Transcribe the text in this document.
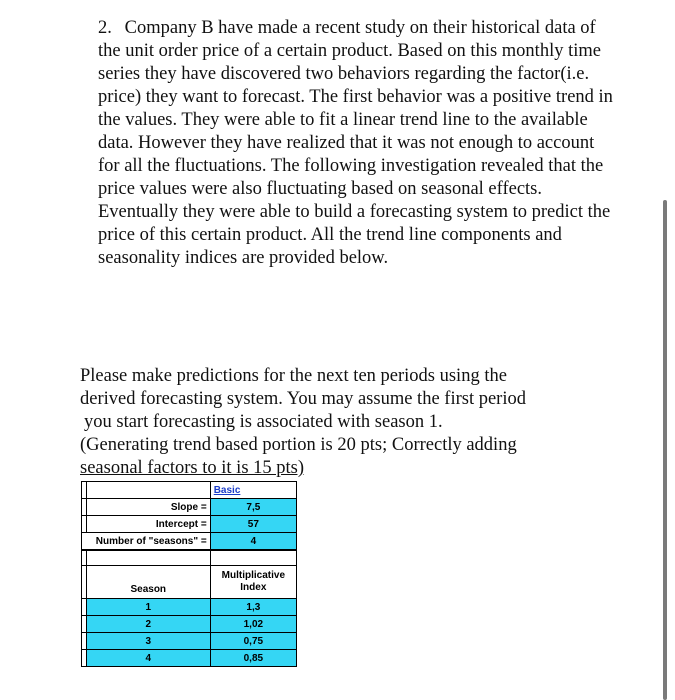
2. Company B have made a recent study on their historical data of the unit order price of a certain product. Based on this monthly time series they have discovered two behaviors regarding the factor(i.e. price) they want to forecast. The first behavior was a positive trend in the values. They were able to fit a linear trend line to the available data. However they have realized that it was not enough to account for all the fluctuations. The following investigation revealed that the price values were also fluctuating based on seasonal effects. Eventually they were able to build a forecasting system to predict the price of this certain product. All the trend line components and seasonality indices are provided below.
Please make predictions for the next ten periods using the
derived forecasting system. You may assume the first period
you start forecasting is associated with season 1.
(Generating trend based portion is 20 pts; Correctly adding
seasonal factors to it is 15 pts)
		Basic
	Slope =	7,5
	Intercept =	57
Number of "seasons" =		4

	Season	Multiplicative
Index

	1	1,3
	2	1,02
	3	0,75
	4	0,85
